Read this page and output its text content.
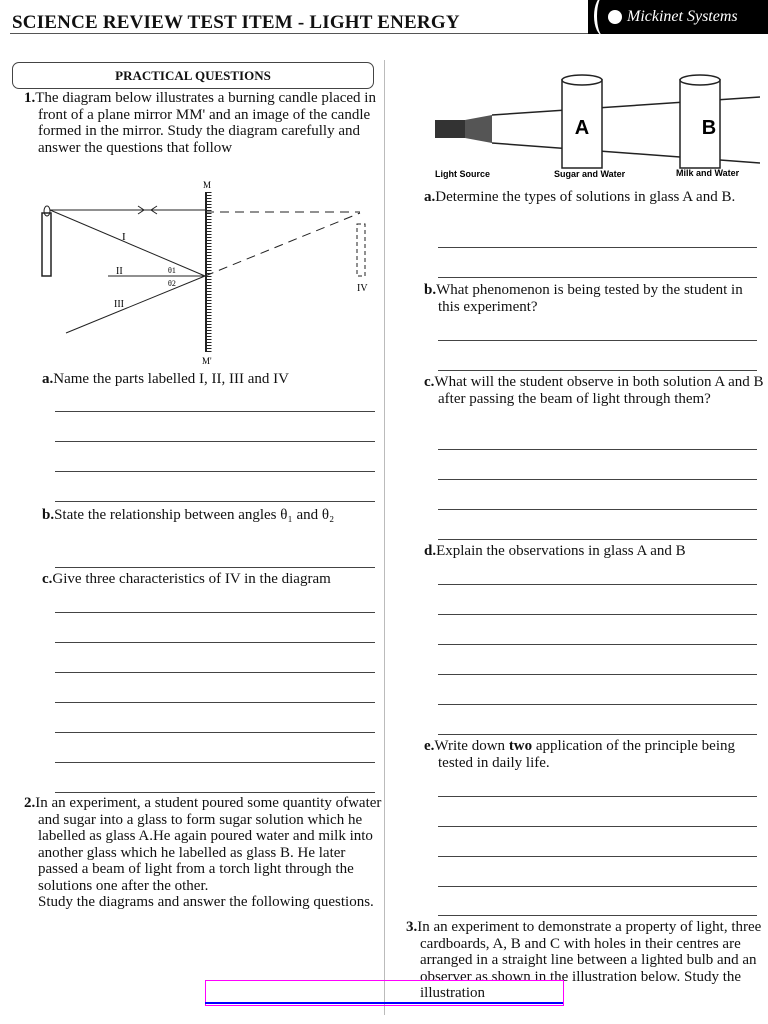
SCIENCE REVIEW TEST ITEM - LIGHT ENERGY	Mickinet Systems
PRACTICAL QUESTIONS
1.The diagram below illustrates a burning candle placed in front of a plane mirror MM' and an image of the candle formed in the mirror. Study the diagram carefully and answer the questions that follow
M
M'
I
II
III
IV
θ1
θ2
a.Name the parts labelled I, II, III and IV
b.State the relationship between angles θ₁ and θ₂
c.Give three characteristics of IV in the diagram
2.In an experiment, a student poured some quantity ofwater and sugar into a glass to form sugar solution which he labelled as glass A.He again poured water and milk into another glass which he labelled as glass B. He later passed a beam of light from a torch light through the solutions one after the other.
Study the diagrams and answer the following questions.
A	B
Light Source	Sugar and Water	Milk and Water
a.Determine the types of solutions in glass A and B.
b.What phenomenon is being tested by the student in this experiment?
c.What will the student observe in both solution A and B after passing the beam of light through them?
d.Explain the observations in glass A and B
e.Write down two application of the principle being tested in daily life.
3.In an experiment to demonstrate a property of light, three cardboards, A, B and C with holes in their centres are arranged in a straight line between a lighted bulb and an observer as shown in the illustration below. Study the illustration
